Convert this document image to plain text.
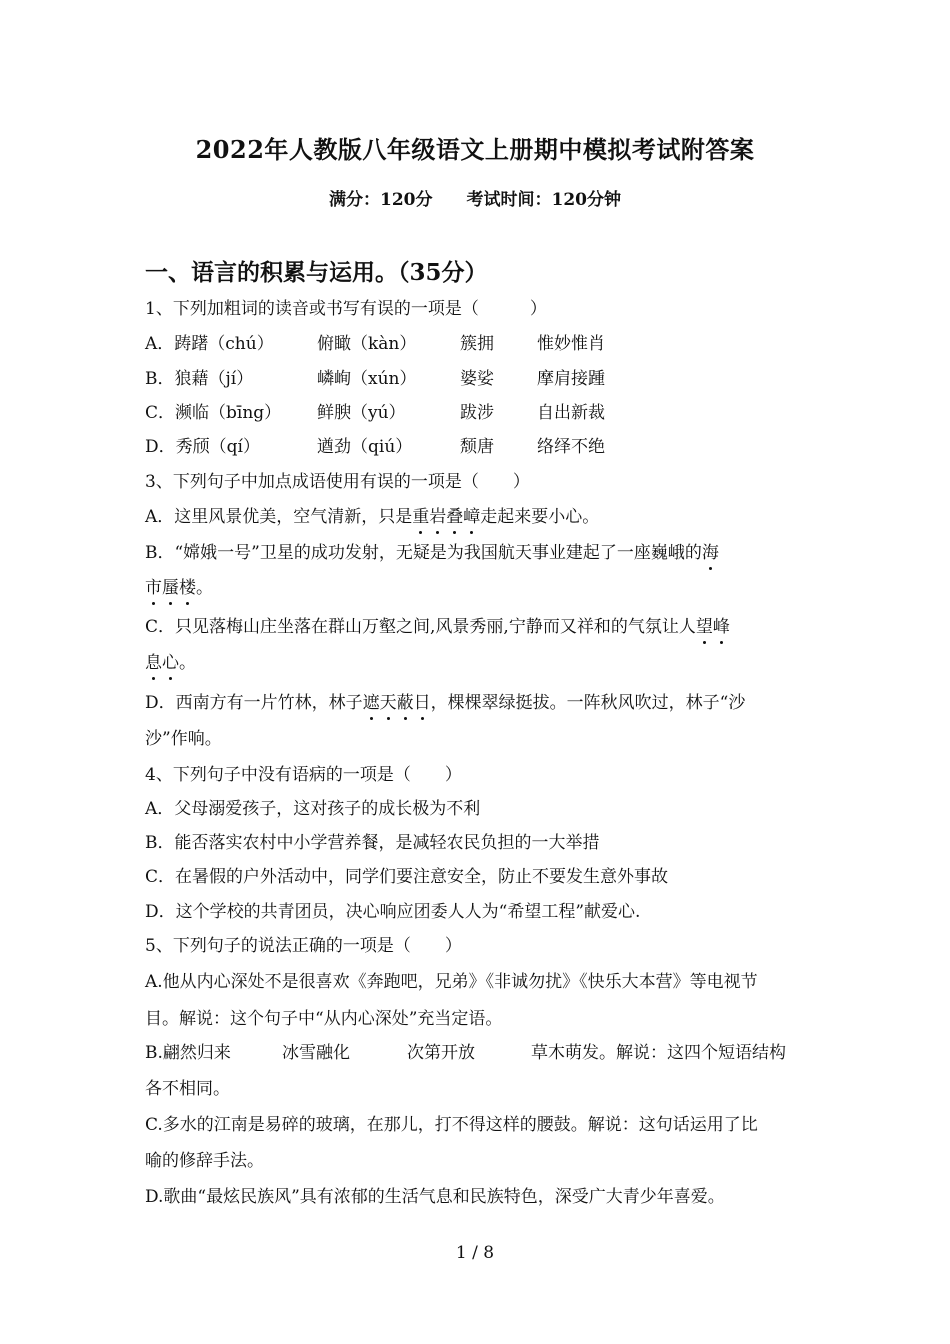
2022年人教版八年级语文上册期中模拟考试附答案
满分：120分　　考试时间：120分钟
一、语言的积累与运用。（35分）
1、下列加粗词的读音或书写有误的一项是（　　　）
A．踌躇（chú）	俯瞰（kàn）	簇拥	惟妙惟肖
B．狼藉（jí）	嶙峋（xún）	婆娑	摩肩接踵
C．濒临（bīng） 鲜腴（yú）	跋涉	自出新裁
D．秀颀（qí）	遒劲（qiú）	颓唐	络绎不绝
3、下列句子中加点成语使用有误的一项是（　　）
A．这里风景优美，空气清新，只是重岩叠嶂走起来要小心。
B．“嫦娥一号”卫星的成功发射，无疑是为我国航天事业建起了一座巍峨的海
市蜃楼。
C．只见落梅山庄坐落在群山万壑之间,风景秀丽,宁静而又祥和的气氛让人望峰
息心。
D．西南方有一片竹林，林子遮天蔽日，棵棵翠绿挺拔。一阵秋风吹过，林子“沙
沙”作响。
4、下列句子中没有语病的一项是（　　）
A．父母溺爱孩子，这对孩子的成长极为不利
B．能否落实农村中小学营养餐，是减轻农民负担的一大举措
C．在暑假的户外活动中，同学们要注意安全，防止不要发生意外事故
D．这个学校的共青团员，决心响应团委人人为“希望工程”献爱心.
5、下列句子的说法正确的一项是（　　）
A.他从内心深处不是很喜欢《奔跑吧，兄弟》《非诚勿扰》《快乐大本营》等电视节
目。解说：这个句子中“从内心深处”充当定语。
B.翩然归来	冰雪融化	次第开放	草木萌发。解说：这四个短语结构
各不相同。
C.多水的江南是易碎的玻璃，在那儿，打不得这样的腰鼓。解说：这句话运用了比
喻的修辞手法。
D.歌曲“最炫民族风”具有浓郁的生活气息和民族特色，深受广大青少年喜爱。
1 / 8
